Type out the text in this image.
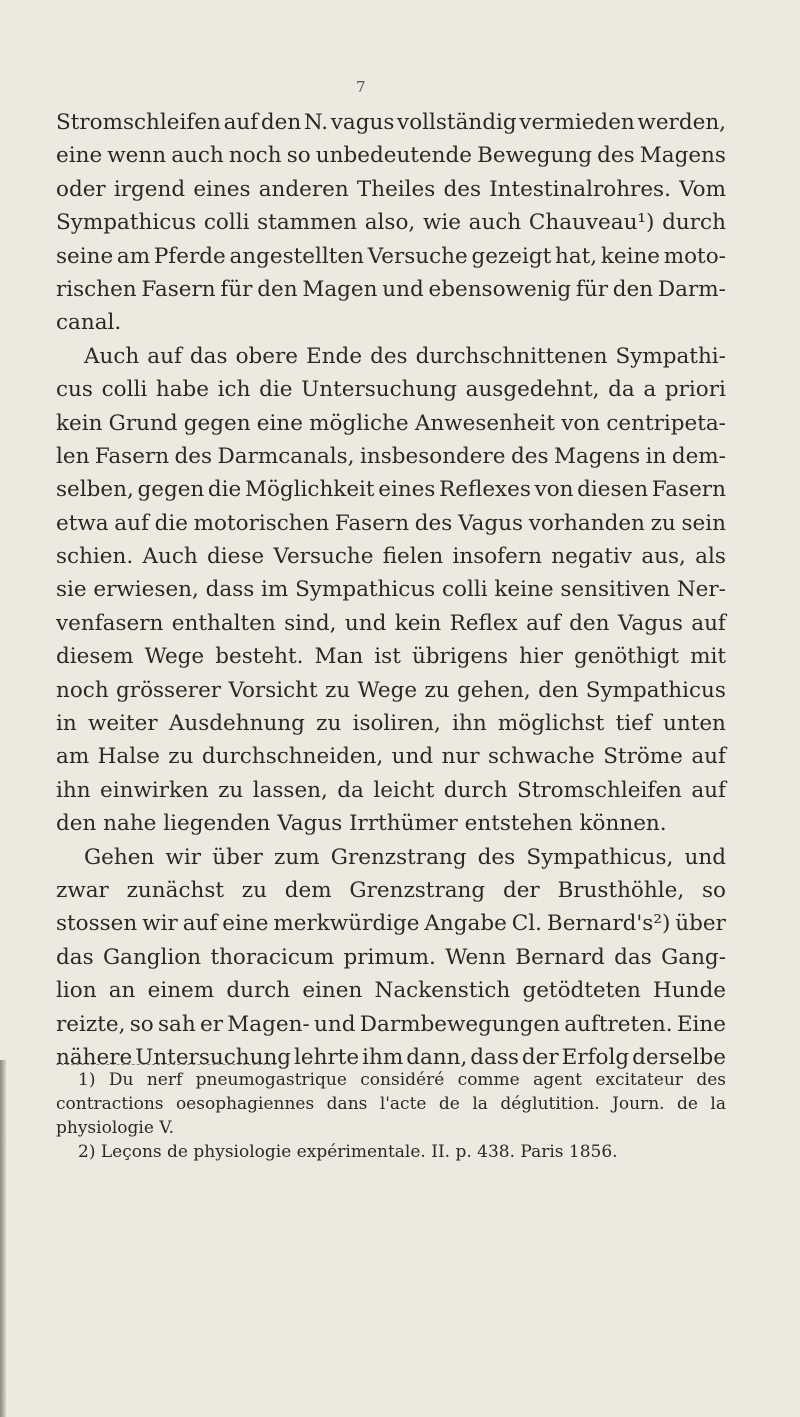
7
Stromschleifen auf den N. vagus vollständig vermieden werden,
eine wenn auch noch so unbedeutende Bewegung des Magens
oder irgend eines anderen Theiles des Intestinalrohres. Vom
Sympathicus colli stammen also, wie auch Chauveau¹) durch
seine am Pferde angestellten Versuche gezeigt hat, keine moto-
rischen Fasern für den Magen und ebensowenig für den Darm-
canal.
Auch auf das obere Ende des durchschnittenen Sympathi-
cus colli habe ich die Untersuchung ausgedehnt, da a priori
kein Grund gegen eine mögliche Anwesenheit von centripeta-
len Fasern des Darmcanals, insbesondere des Magens in dem-
selben, gegen die Möglichkeit eines Reflexes von diesen Fasern
etwa auf die motorischen Fasern des Vagus vorhanden zu sein
schien. Auch diese Versuche fielen insofern negativ aus, als
sie erwiesen, dass im Sympathicus colli keine sensitiven Ner-
venfasern enthalten sind, und kein Reflex auf den Vagus auf
diesem Wege besteht. Man ist übrigens hier genöthigt mit
noch grösserer Vorsicht zu Wege zu gehen, den Sympathicus
in weiter Ausdehnung zu isoliren, ihn möglichst tief unten
am Halse zu durchschneiden, und nur schwache Ströme auf
ihn einwirken zu lassen, da leicht durch Stromschleifen auf
den nahe liegenden Vagus Irrthümer entstehen können.
Gehen wir über zum Grenzstrang des Sympathicus, und
zwar zunächst zu dem Grenzstrang der Brusthöhle, so
stossen wir auf eine merkwürdige Angabe Cl. Bernard's²) über
das Ganglion thoracicum primum. Wenn Bernard das Gang-
lion an einem durch einen Nackenstich getödteten Hunde
reizte, so sah er Magen- und Darmbewegungen auftreten. Eine
nähere Untersuchung lehrte ihm dann, dass der Erfolg derselbe
1) Du nerf pneumogastrique considéré comme agent excitateur des
contractions oesophagiennes dans l'acte de la déglutition. Journ. de la
physiologie V.
2) Leçons de physiologie expérimentale. II. p. 438. Paris 1856.
